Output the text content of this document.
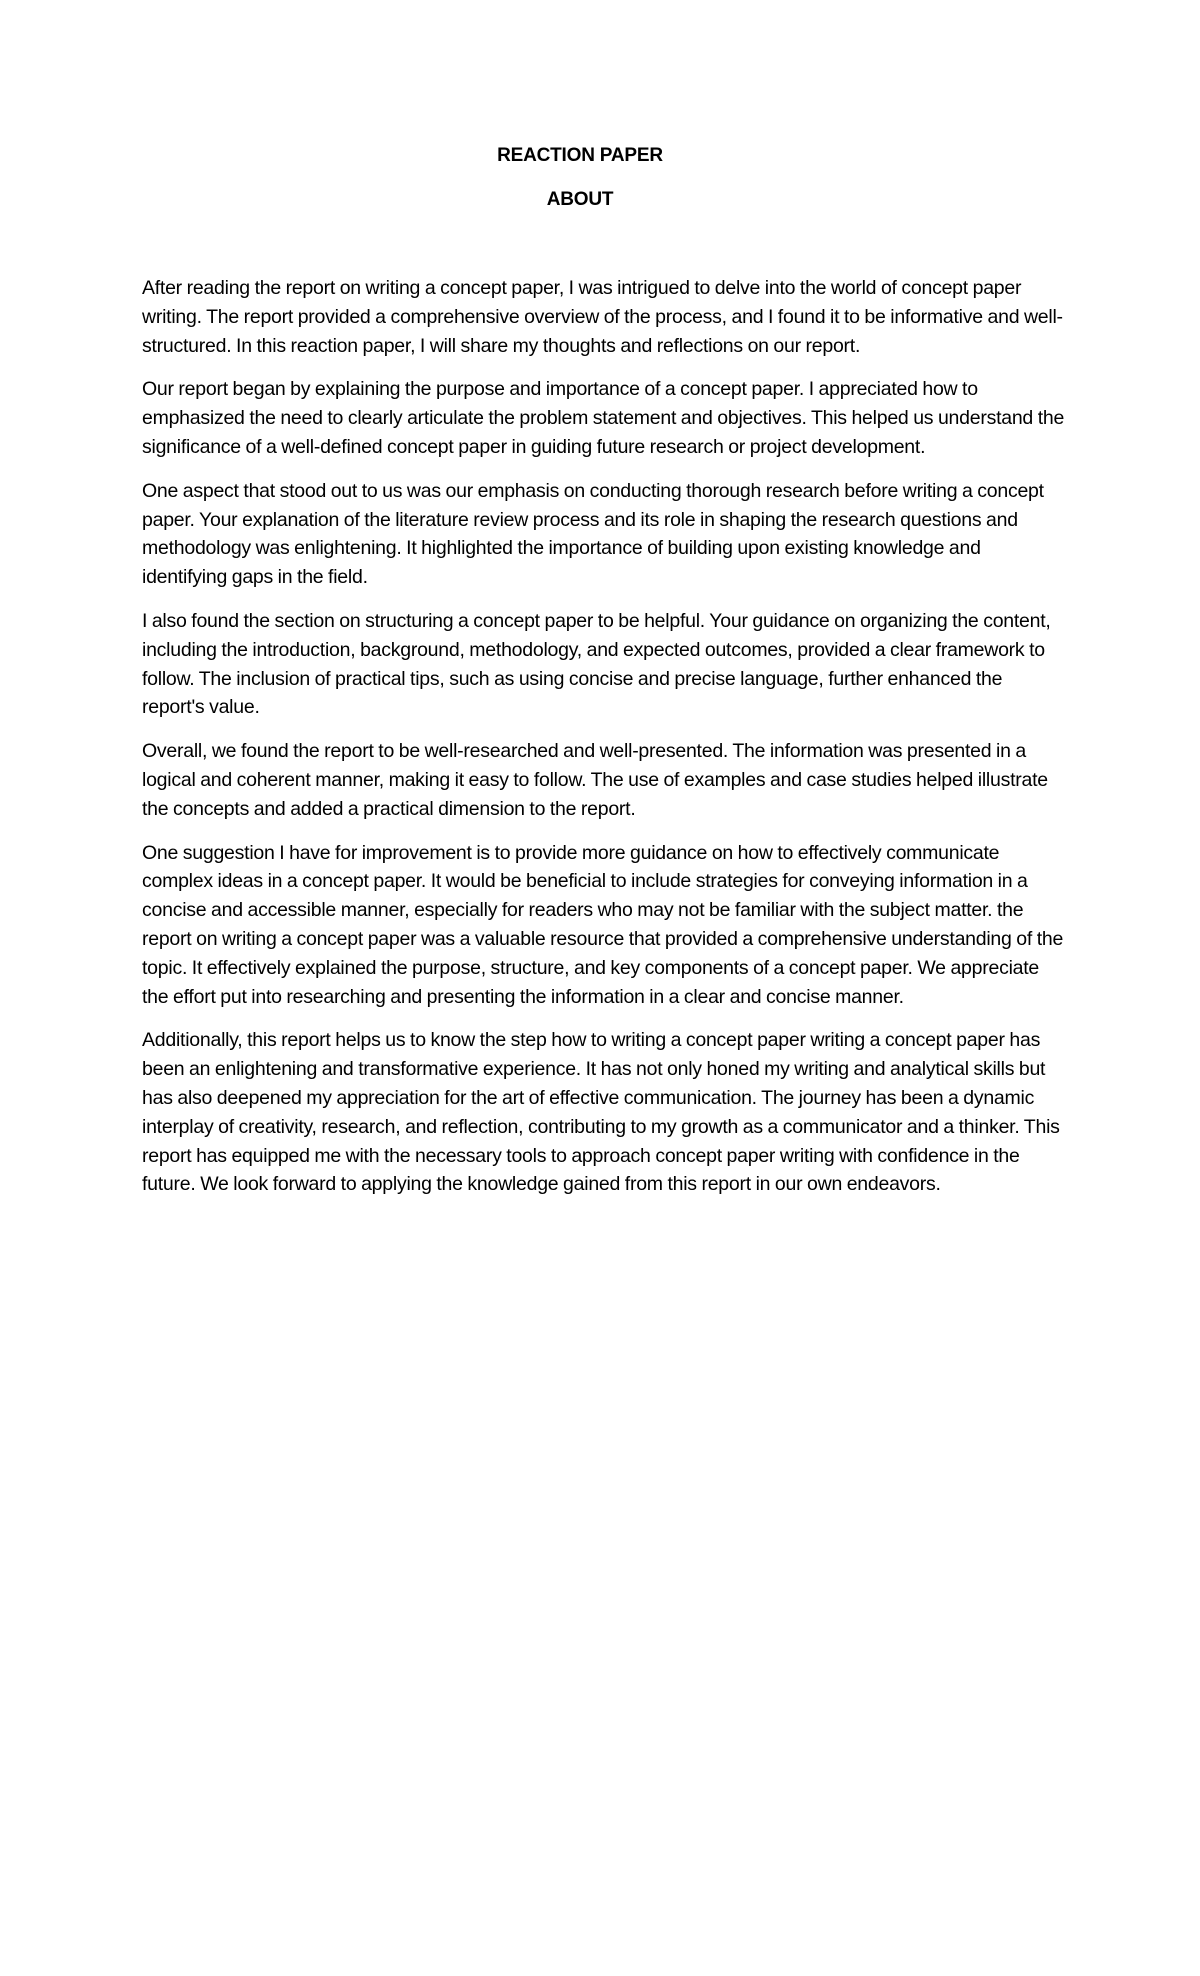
REACTION PAPER
ABOUT

After reading the report on writing a concept paper, I was intrigued to delve into the world of concept paper writing. The report provided a comprehensive overview of the process, and I found it to be informative and well-structured. In this reaction paper, I will share my thoughts and reflections on our report.

Our report began by explaining the purpose and importance of a concept paper. I appreciated how to emphasized the need to clearly articulate the problem statement and objectives. This helped us understand the significance of a well-defined concept paper in guiding future research or project development.

One aspect that stood out to us was our emphasis on conducting thorough research before writing a concept paper. Your explanation of the literature review process and its role in shaping the research questions and methodology was enlightening. It highlighted the importance of building upon existing knowledge and identifying gaps in the field.

I also found the section on structuring a concept paper to be helpful. Your guidance on organizing the content, including the introduction, background, methodology, and expected outcomes, provided a clear framework to follow. The inclusion of practical tips, such as using concise and precise language, further enhanced the report's value.

Overall, we found the report to be well-researched and well-presented. The information was presented in a logical and coherent manner, making it easy to follow. The use of examples and case studies helped illustrate the concepts and added a practical dimension to the report.

One suggestion I have for improvement is to provide more guidance on how to effectively communicate complex ideas in a concept paper. It would be beneficial to include strategies for conveying information in a concise and accessible manner, especially for readers who may not be familiar with the subject matter. the report on writing a concept paper was a valuable resource that provided a comprehensive understanding of the topic. It effectively explained the purpose, structure, and key components of a concept paper. We appreciate the effort put into researching and presenting the information in a clear and concise manner.

Additionally, this report helps us to know the step how to writing a concept paper writing a concept paper has been an enlightening and transformative experience. It has not only honed my writing and analytical skills but has also deepened my appreciation for the art of effective communication. The journey has been a dynamic interplay of creativity, research, and reflection, contributing to my growth as a communicator and a thinker. This report has equipped me with the necessary tools to approach concept paper writing with confidence in the future. We look forward to applying the knowledge gained from this report in our own endeavors.
